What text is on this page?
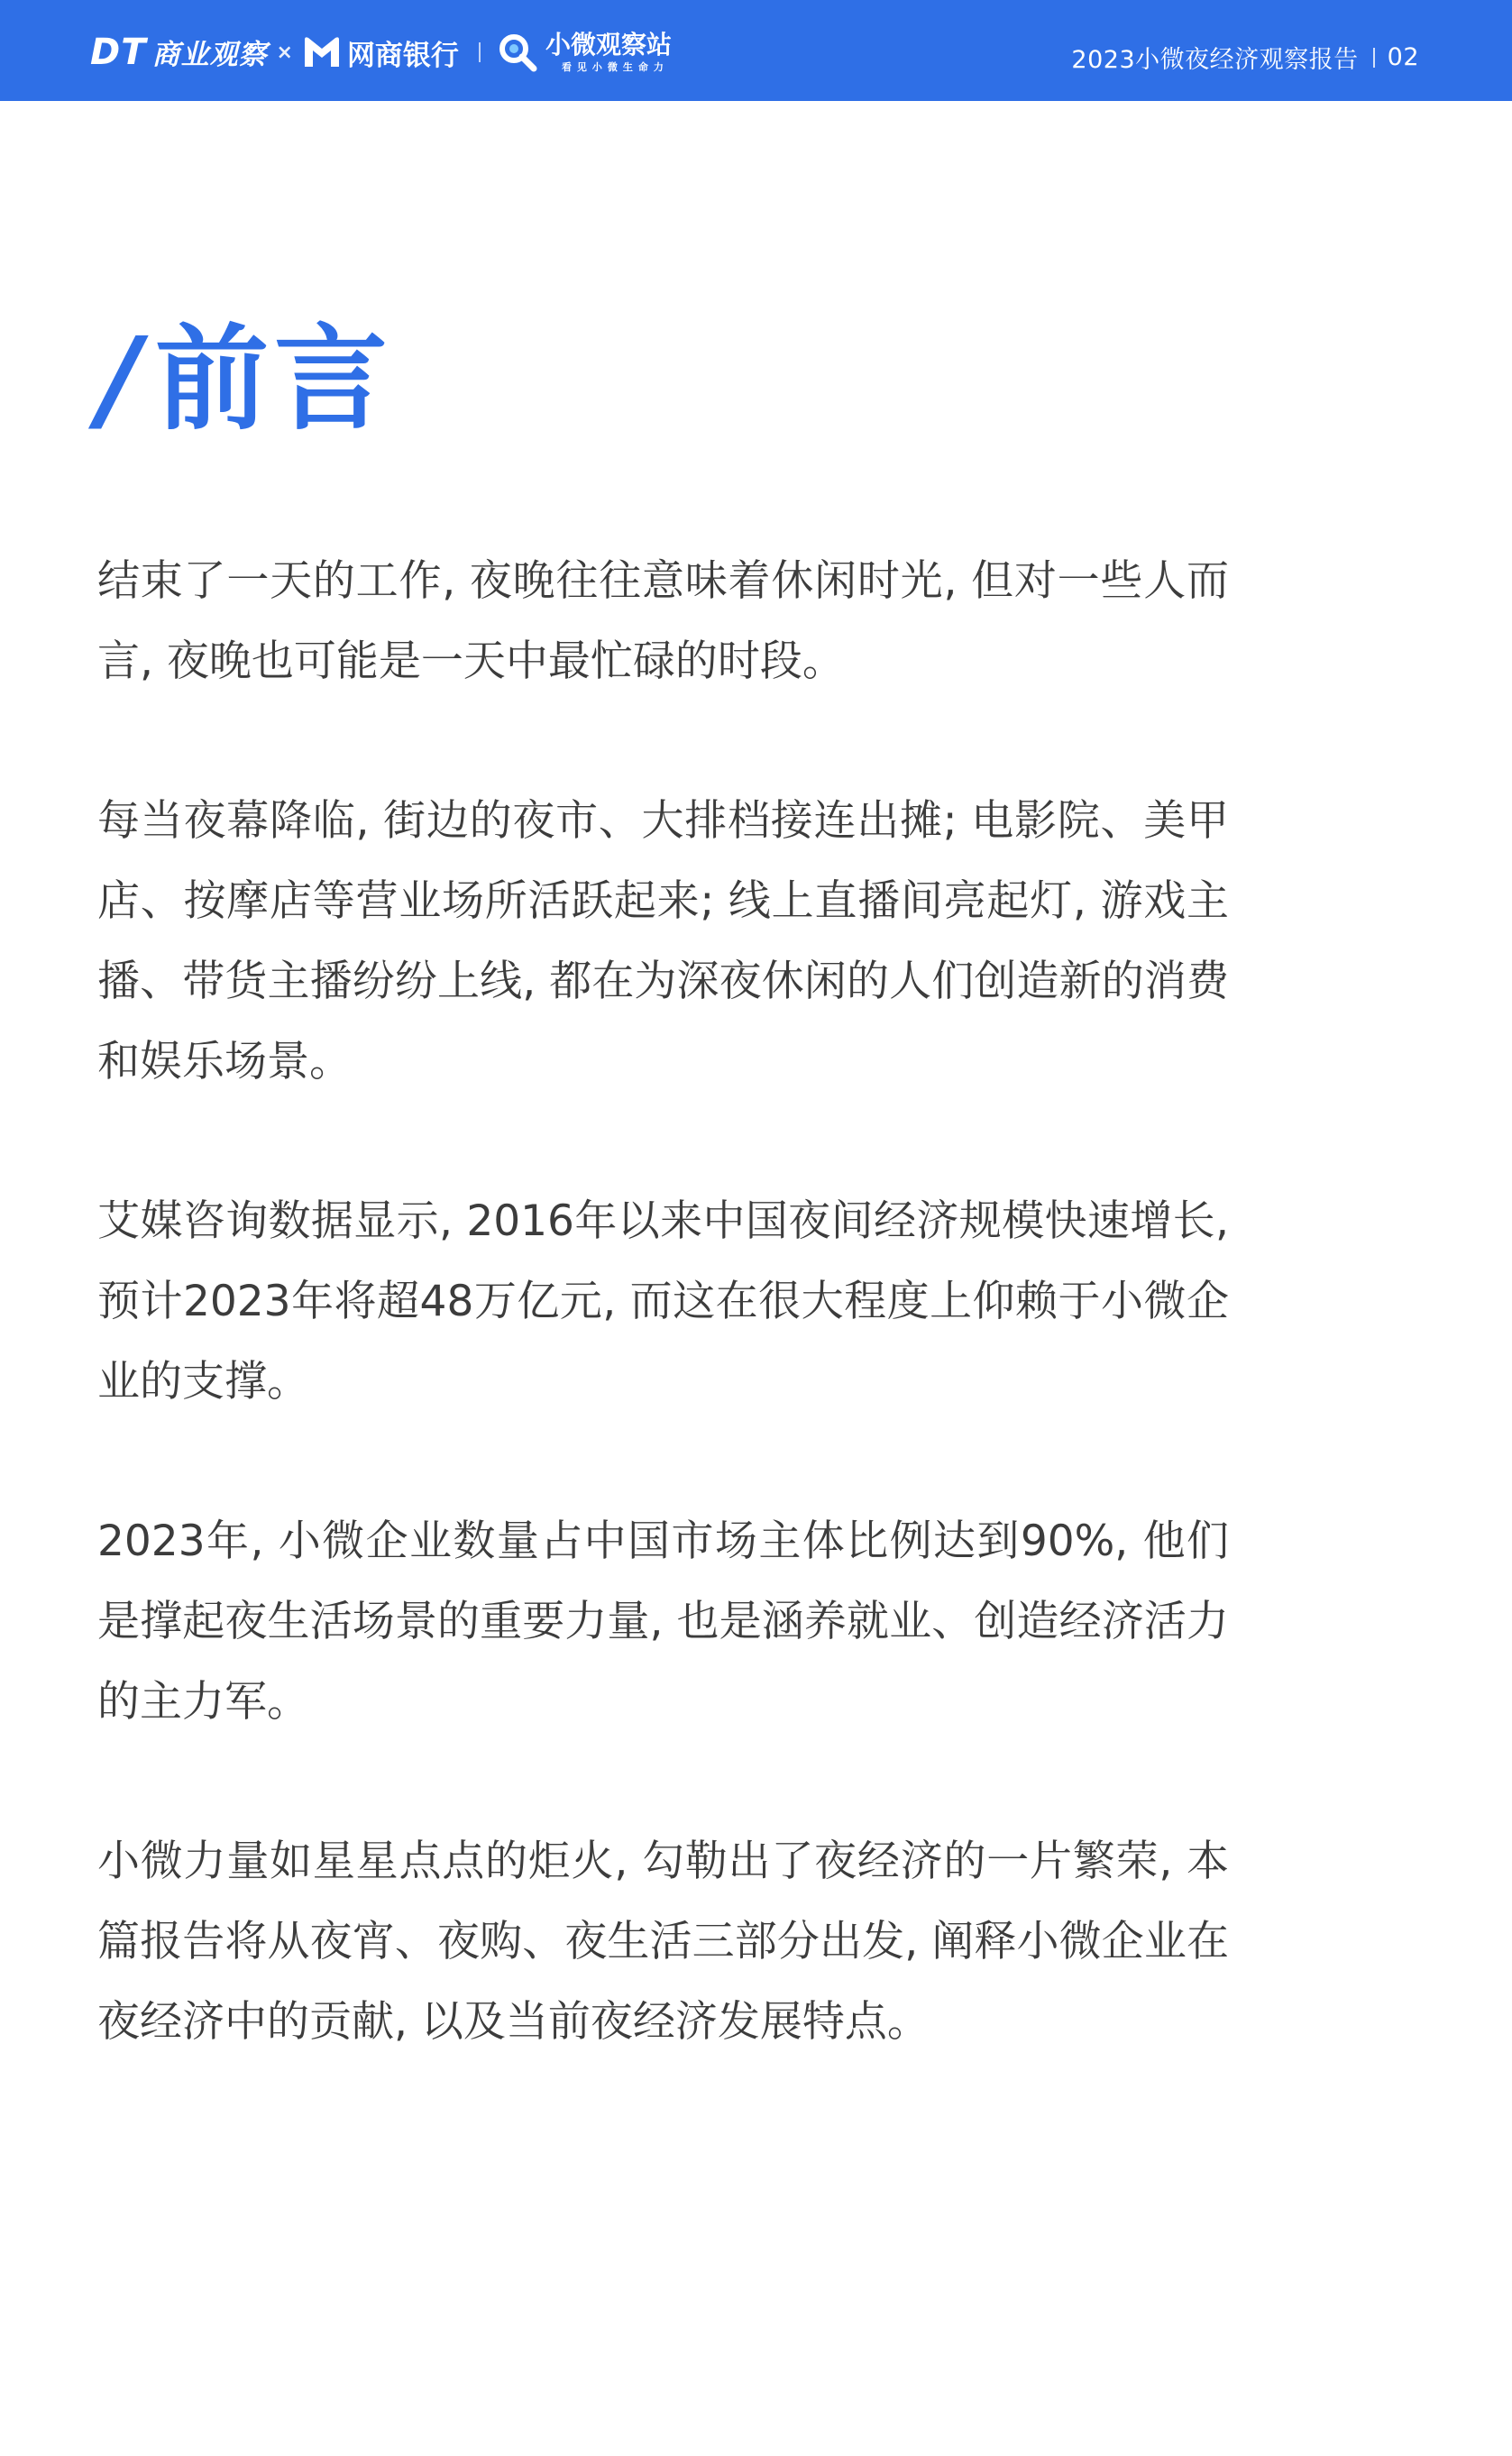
DT 商业观察 × 网商银行	小微观察站
看见小微生命力	2023小微夜经济观察报告 02
/前言

结束了一天的工作, 夜晚往往意味着休闲时光, 但对一些人而言, 夜晚也可能是一天中最忙碌的时段。

每当夜幕降临, 街边的夜市、大排档接连出摊; 电影院、美甲店、按摩店等营业场所活跃起来; 线上直播间亮起灯, 游戏主播、带货主播纷纷上线, 都在为深夜休闲的人们创造新的消费和娱乐场景。

艾媒咨询数据显示, 2016年以来中国夜间经济规模快速增长, 预计2023年将超48万亿元, 而这在很大程度上仰赖于小微企业的支撑。

2023年, 小微企业数量占中国市场主体比例达到90%, 他们是撑起夜生活场景的重要力量, 也是涵养就业、创造经济活力的主力军。

小微力量如星星点点的炬火, 勾勒出了夜经济的一片繁荣, 本篇报告将从夜宵、夜购、夜生活三部分出发, 阐释小微企业在夜经济中的贡献, 以及当前夜经济发展特点。
